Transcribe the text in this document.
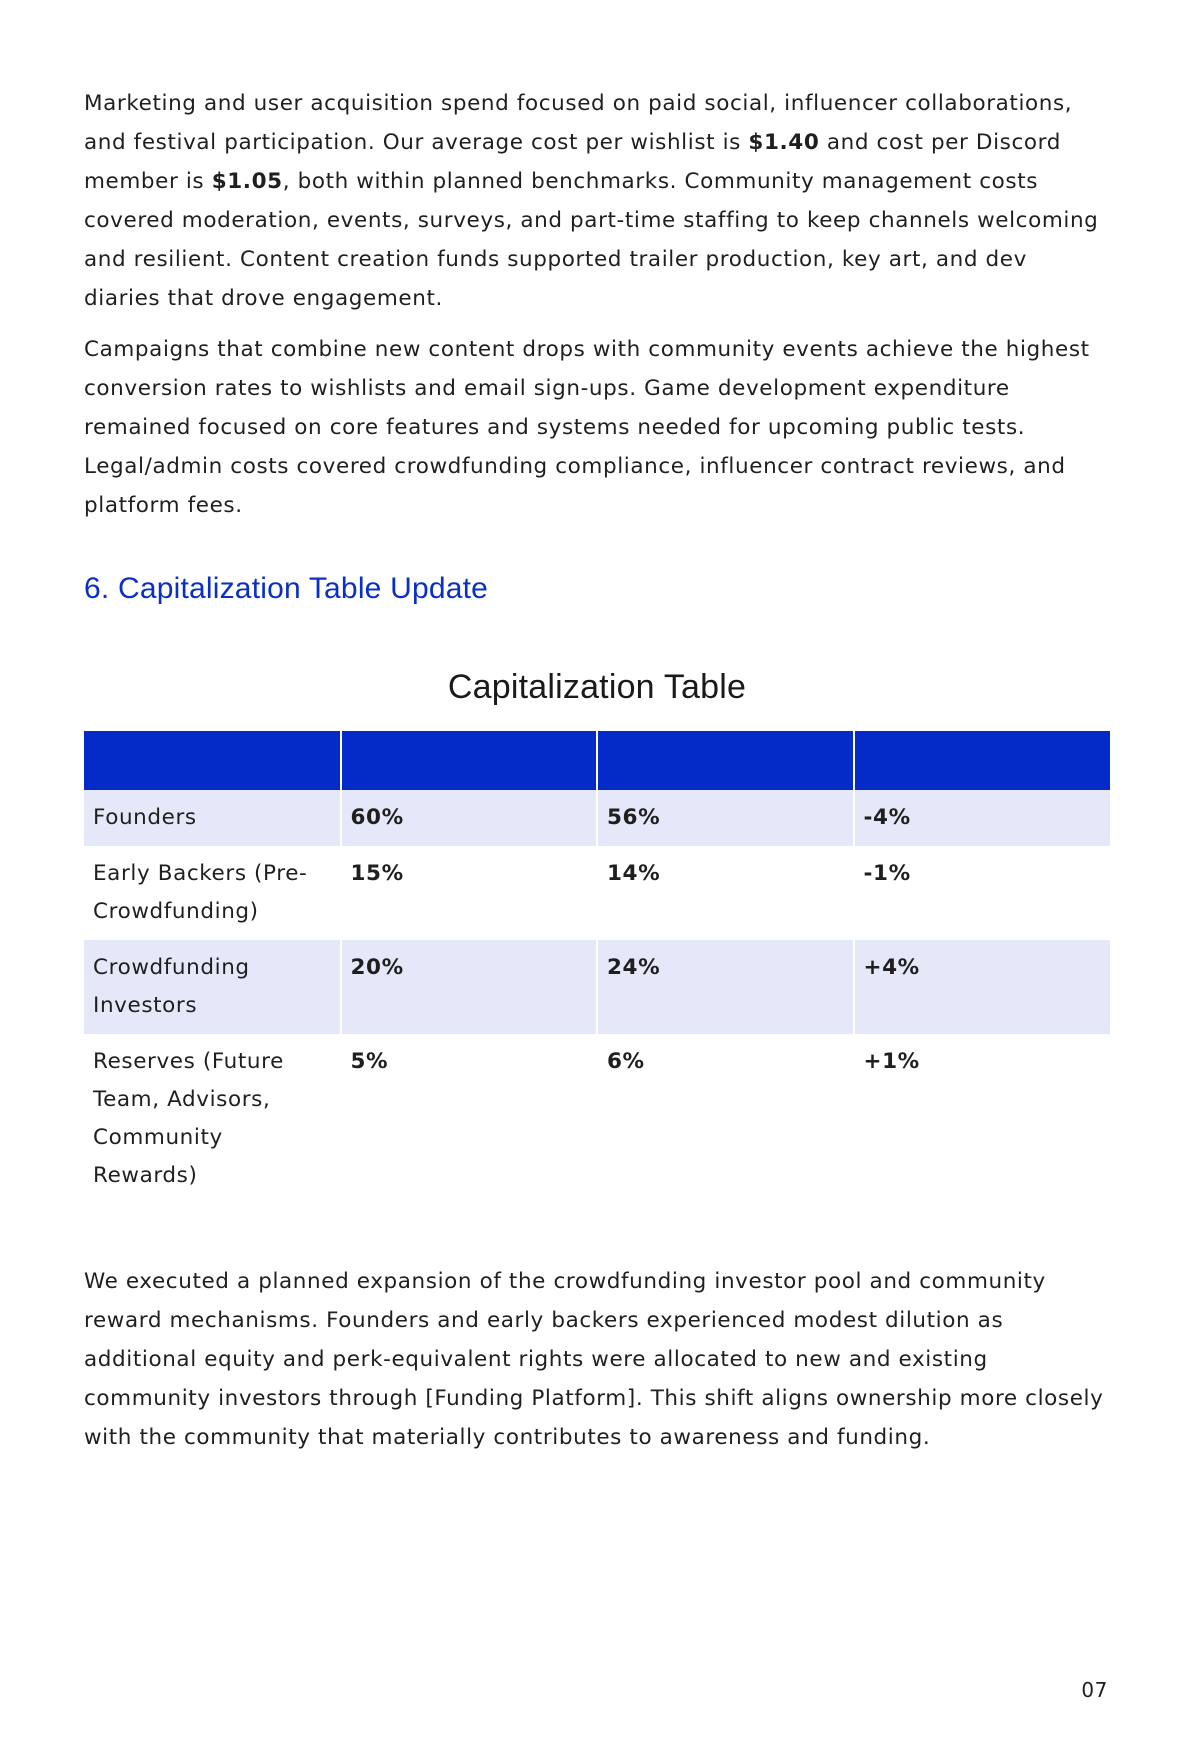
Marketing and user acquisition spend focused on paid social, influencer collaborations, and festival participation. Our average cost per wishlist is $1.40 and cost per Discord member is $1.05, both within planned benchmarks. Community management costs covered moderation, events, surveys, and part-time staffing to keep channels welcoming and resilient. Content creation funds supported trailer production, key art, and dev diaries that drove engagement.

Campaigns that combine new content drops with community events achieve the highest conversion rates to wishlists and email sign-ups. Game development expenditure remained focused on core features and systems needed for upcoming public tests. Legal/admin costs covered crowdfunding compliance, influencer contract reviews, and platform fees.

6. Capitalization Table Update
Capitalization Table

Founders	60%	56%	-4%
Early Backers (Pre-Crowdfunding)	15%	14%	-1%
Crowdfunding Investors	20%	24%	+4%
Reserves (Future Team, Advisors, Community Rewards)	5%	6%	+1%

We executed a planned expansion of the crowdfunding investor pool and community reward mechanisms. Founders and early backers experienced modest dilution as additional equity and perk-equivalent rights were allocated to new and existing community investors through [Funding Platform]. This shift aligns ownership more closely with the community that materially contributes to awareness and funding.

07
